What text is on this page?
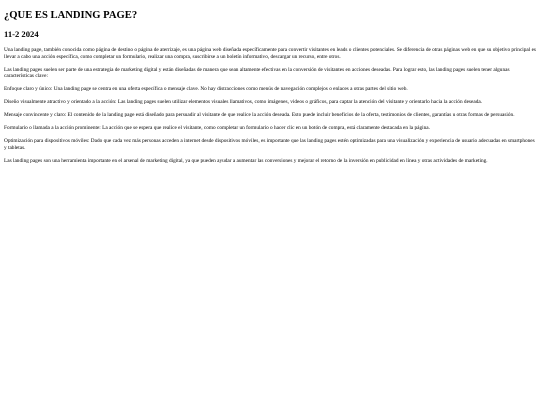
¿QUE ES LANDING PAGE?
11-2 2024

Una landing page, también conocida como página de destino o página de aterrizaje, es una página web diseñada específicamente para convertir visitantes en leads o clientes potenciales. Se diferencia de otras páginas web en que su objetivo principal es llevar a cabo una acción específica, como completar un formulario, realizar una compra, suscribirse a un boletín informativo, descargar un recurso, entre otros.

Las landing pages suelen ser parte de una estrategia de marketing digital y están diseñadas de manera que sean altamente efectivas en la conversión de visitantes en acciones deseadas. Para lograr esto, las landing pages suelen tener algunas características clave:

Enfoque claro y único: Una landing page se centra en una oferta específica o mensaje clave. No hay distracciones como menús de navegación complejos o enlaces a otras partes del sitio web.

Diseño visualmente atractivo y orientado a la acción: Las landing pages suelen utilizar elementos visuales llamativos, como imágenes, videos o gráficos, para captar la atención del visitante y orientarlo hacia la acción deseada.

Mensaje convincente y claro: El contenido de la landing page está diseñado para persuadir al visitante de que realice la acción deseada. Esto puede incluir beneficios de la oferta, testimonios de clientes, garantías u otras formas de persuasión.

Formulario o llamada a la acción prominente: La acción que se espera que realice el visitante, como completar un formulario o hacer clic en un botón de compra, está claramente destacada en la página.

Optimización para dispositivos móviles: Dado que cada vez más personas acceden a internet desde dispositivos móviles, es importante que las landing pages estén optimizadas para una visualización y experiencia de usuario adecuadas en smartphones y tabletas.

Las landing pages son una herramienta importante en el arsenal de marketing digital, ya que pueden ayudar a aumentar las conversiones y mejorar el retorno de la inversión en publicidad en línea y otras actividades de marketing.
